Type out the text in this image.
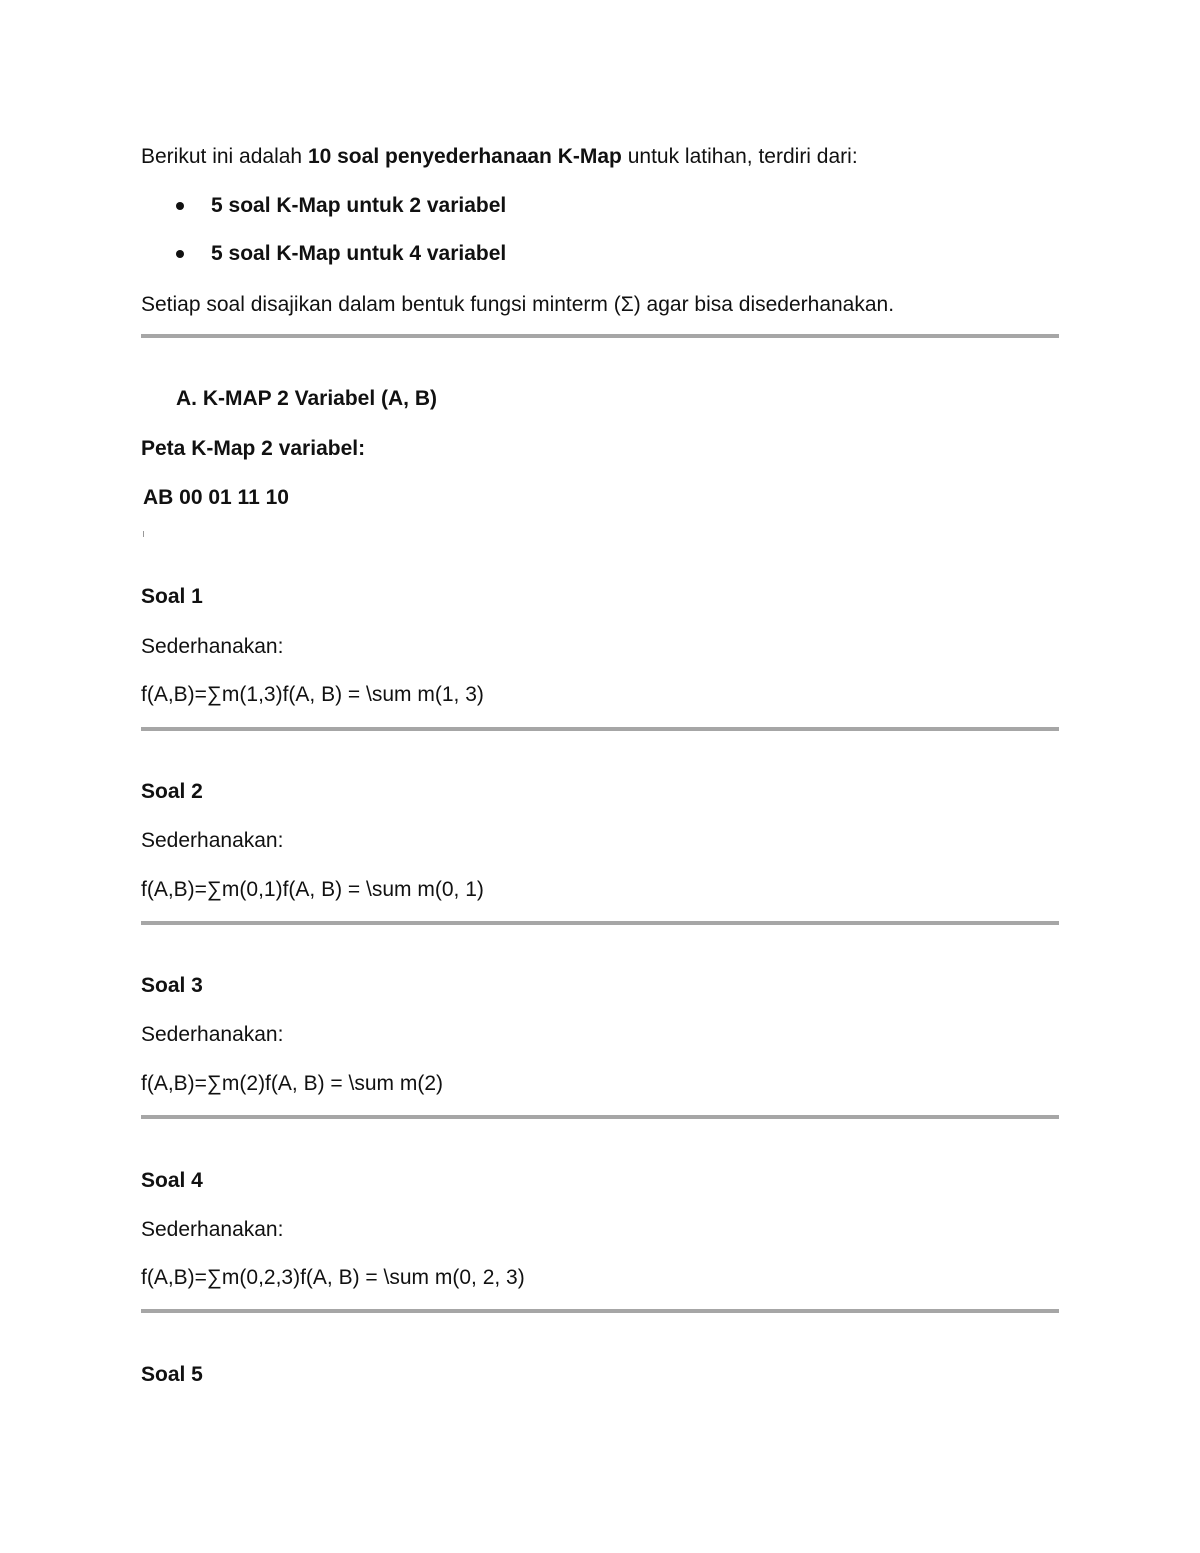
Berikut ini adalah 10 soal penyederhanaan K-Map untuk latihan, terdiri dari:
5 soal K-Map untuk 2 variabel
5 soal K-Map untuk 4 variabel
Setiap soal disajikan dalam bentuk fungsi minterm (Σ) agar bisa disederhanakan.
A. K-MAP 2 Variabel (A, B)
Peta K-Map 2 variabel:
AB 00 01 11 10
Soal 1
Sederhanakan:
f(A,B)=∑m(1,3)f(A, B) = \sum m(1, 3)
Soal 2
Sederhanakan:
f(A,B)=∑m(0,1)f(A, B) = \sum m(0, 1)
Soal 3
Sederhanakan:
f(A,B)=∑m(2)f(A, B) = \sum m(2)
Soal 4
Sederhanakan:
f(A,B)=∑m(0,2,3)f(A, B) = \sum m(0, 2, 3)
Soal 5
